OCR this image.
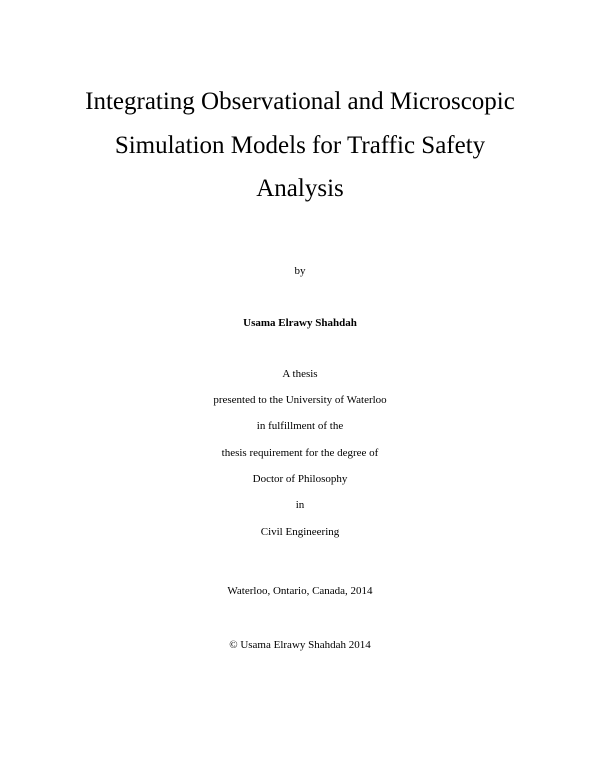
Integrating Observational and Microscopic
Simulation Models for Traffic Safety
Analysis
by
Usama Elrawy Shahdah
A thesis
presented to the University of Waterloo
in fulfillment of the
thesis requirement for the degree of
Doctor of Philosophy
in
Civil Engineering
Waterloo, Ontario, Canada, 2014
© Usama Elrawy Shahdah 2014
